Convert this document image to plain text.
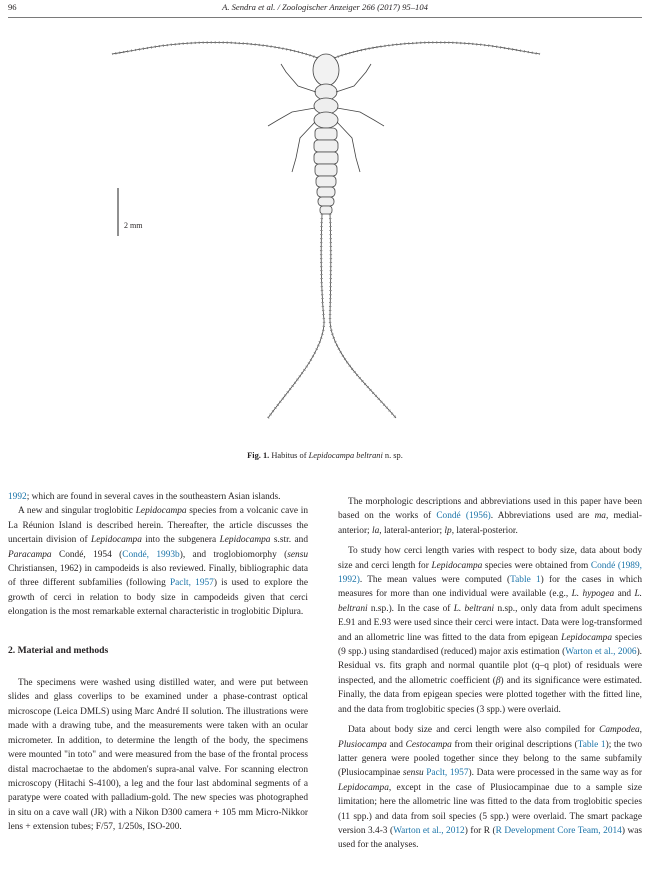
96	A. Sendra et al. / Zoologischer Anzeiger 266 (2017) 95–104
2 mm
Fig. 1. Habitus of Lepidocampa beltrani n. sp.

1992; which are found in several caves in the southeastern Asian islands.

A new and singular troglobitic Lepidocampa species from a volcanic cave in La Réunion Island is described herein. Thereafter, the article discusses the uncertain division of Lepidocampa into the subgenera Lepidocampa s.str. and Paracampa Condé, 1954 (Condé, 1993b), and troglobiomorphy (sensu Christiansen, 1962) in campodeids is also reviewed. Finally, bibliographic data of three different subfamilies (following Paclt, 1957) is used to explore the growth of cerci in relation to body size in campodeids given that cerci elongation is the most remarkable external characteristic in troglobitic Diplura.

2. Material and methods

The specimens were washed using distilled water, and were put between slides and glass coverlips to be examined under a phase-contrast optical microscope (Leica DMLS) using Marc André II solution. The illustrations were made with a drawing tube, and the measurements were taken with an ocular micrometer. In addition, to determine the length of the body, the specimens were mounted "in toto" and were measured from the base of the frontal process distal macrochaetae to the abdomen's supra-anal valve. For scanning electron microscopy (Hitachi S-4100), a leg and the four last abdominal segments of a paratype were coated with palladium-gold. The new species was photographed in situ on a cave wall (JR) with a Nikon D300 camera + 105 mm Micro-Nikkor lens + extension tubes; F/57, 1/250s, ISO-200.

The morphologic descriptions and abbreviations used in this paper have been based on the works of Condé (1956). Abbreviations used are ma, medial-anterior; la, lateral-anterior; lp, lateral-posterior.

To study how cerci length varies with respect to body size, data about body size and cerci length for Lepidocampa species were obtained from Condé (1989, 1992). The mean values were computed (Table 1) for the cases in which measures for more than one individual were available (e.g., L. hypogea and L. beltrani n.sp.). In the case of L. beltrani n.sp., only data from adult specimens E.91 and E.93 were used since their cerci were intact. Data were log-transformed and an allometric line was fitted to the data from epigean Lepidocampa species (9 spp.) using standardised (reduced) major axis estimation (Warton et al., 2006). Residual vs. fits graph and normal quantile plot (q–q plot) of residuals were inspected, and the allometric coefficient (β) and its significance were estimated. Finally, the data from epigean species were plotted together with the fitted line, and the data from troglobitic species (3 spp.) were overlaid.

Data about body size and cerci length were also compiled for Campodea, Plusiocampa and Cestocampa from their original descriptions (Table 1); the two latter genera were pooled together since they belong to the same subfamily (Plusiocampinae sensu Paclt, 1957). Data were processed in the same way as for Lepidocampa, except in the case of Plusiocampinae due to a sample size limitation; here the allometric line was fitted to the data from troglobitic species (11 spp.) and data from soil species (5 spp.) were overlaid. The smart package version 3.4-3 (Warton et al., 2012) for R (R Development Core Team, 2014) was used for the analyses.
